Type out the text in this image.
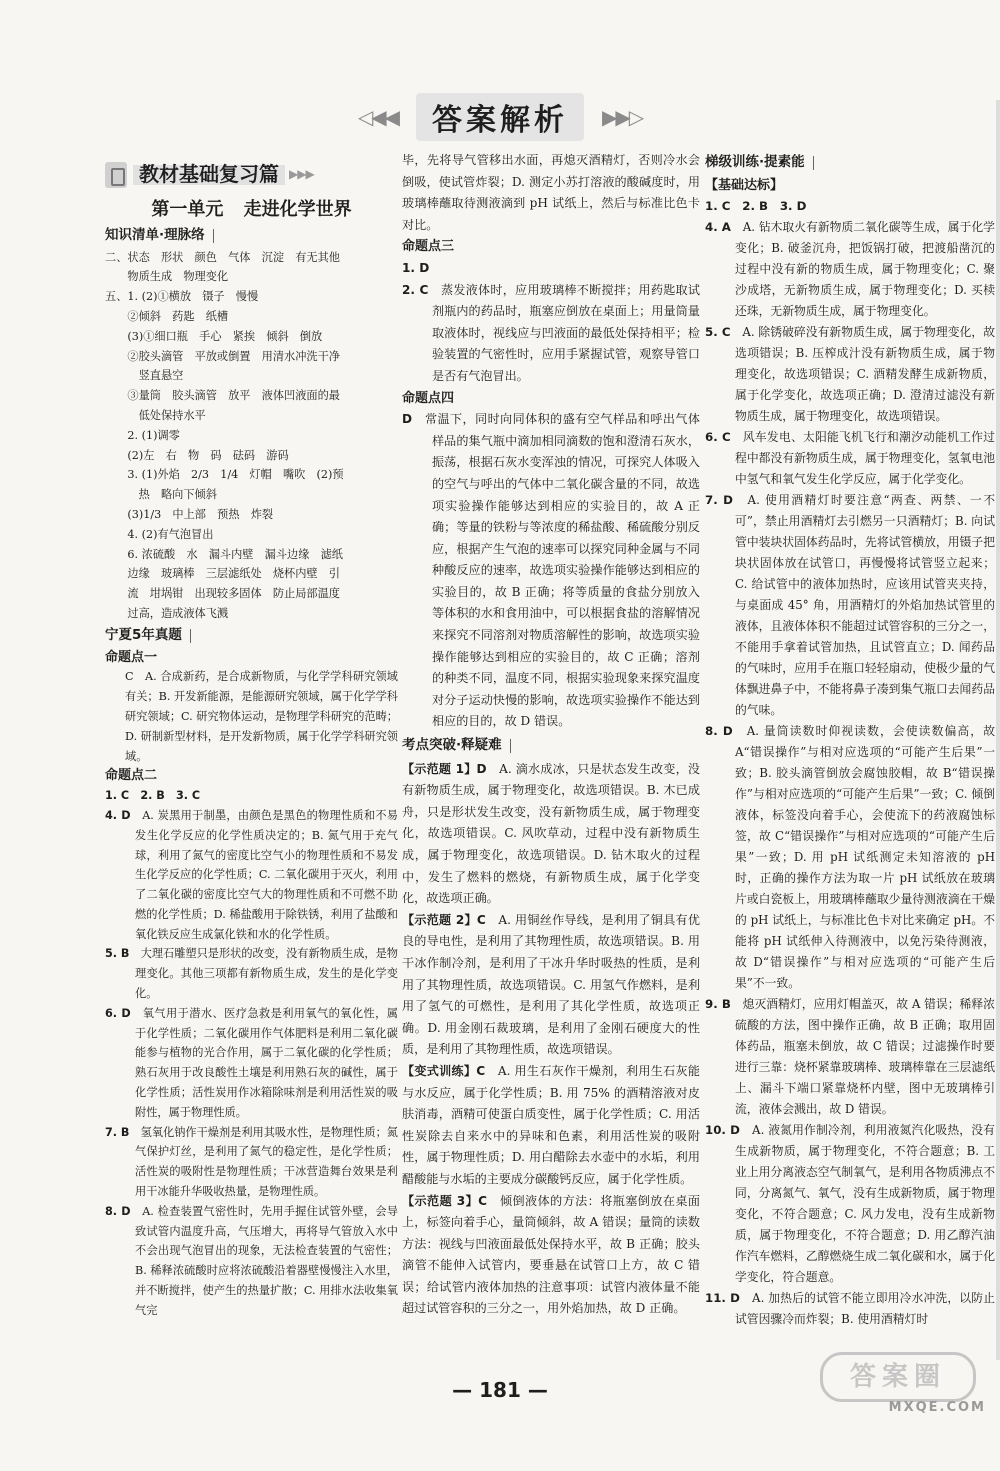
◁◀◀	答案解析	▶▶▷
教材基础复习篇 ▶▶▶
第一单元 走进化学世界
知识清单·理脉络
二、状态　形状　颜色　气体　沉淀　有无其他
　　物质生成　物理变化
五、1. (2)①横放　镊子　慢慢
　　②倾斜　药匙　纸槽
　　(3)①细口瓶　手心　紧挨　倾斜　倒放
　　②胶头滴管　平放或倒置　用清水冲洗干净
　　　竖直悬空
　　③量筒　胶头滴管　放平　液体凹液面的最
　　　低处保持水平
　　2. (1)调零
　　(2)左　右　物　码　砝码　游码
　　3. (1)外焰　2/3　1/4　灯帽　嘴吹　(2)预
　　　热　略向下倾斜
　　(3)1/3　中上部　预热　炸裂
　　4. (2)有气泡冒出
　　6. 浓硫酸　水　漏斗内壁　漏斗边缘　滤纸
　　边缘　玻璃棒　三层滤纸处　烧杯内壁　引
　　流　坩埚钳　出现较多固体　防止局部温度
　　过高，造成液体飞溅
宁夏5年真题
命题点一
C　A. 合成新药，是合成新物质，与化学学科研究领域有关；B. 开发新能源，是能源研究领域，属于化学学科研究领域；C. 研究物体运动，是物理学科研究的范畴；D. 研制新型材料，是开发新物质，属于化学学科研究领域。
命题点二
1. C　2. B　3. C
4. D　 A. 炭黑用于制墨，由颜色是黑色的物理性质和不易发生化学反应的化学性质决定的；B. 氮气用于充气球，利用了氮气的密度比空气小的物理性质和不易发生化学反应的化学性质；C. 二氧化碳用于灭火，利用了二氧化碳的密度比空气大的物理性质和不可燃不助燃的化学性质；D. 稀盐酸用于除铁锈，利用了盐酸和氧化铁反应生成氯化铁和水的化学性质。
5. B　 大理石雕塑只是形状的改变，没有新物质生成，是物理变化。其他三项都有新物质生成，发生的是化学变化。
6. D　 氧气用于潜水、医疗急救是利用氧气的氧化性，属于化学性质；二氧化碳用作气体肥料是利用二氧化碳能参与植物的光合作用，属于二氧化碳的化学性质；熟石灰用于改良酸性土壤是利用熟石灰的碱性，属于化学性质；活性炭用作冰箱除味剂是利用活性炭的吸附性，属于物理性质。
7. B　 氢氧化钠作干燥剂是利用其吸水性，是物理性质；氮气保护灯丝，是利用了氮气的稳定性，是化学性质；活性炭的吸附性是物理性质；干冰营造舞台效果是利用干冰能升华吸收热量，是物理性质。
8. D　 A. 检查装置气密性时，先用手握住试管外壁，会导致试管内温度升高，气压增大，再将导气管放入水中不会出现气泡冒出的现象，无法检查装置的气密性；B. 稀释浓硫酸时应将浓硫酸沿着器壁慢慢注入水里，并不断搅拌，使产生的热量扩散；C. 用排水法收集氧气完
毕，先将导气管移出水面，再熄灭酒精灯，否则冷水会倒吸，使试管炸裂；D. 测定小苏打溶液的酸碱度时，用玻璃棒蘸取待测液滴到 pH 试纸上，然后与标准比色卡对比。
命题点三
1. D
2. C　 蒸发液体时，应用玻璃棒不断搅拌；用药匙取试剂瓶内的药品时，瓶塞应倒放在桌面上；用量筒量取液体时，视线应与凹液面的最低处保持相平；检验装置的气密性时，应用手紧握试管，观察导管口是否有气泡冒出。
命题点四
D　 常温下，同时向同体积的盛有空气样品和呼出气体样品的集气瓶中滴加相同滴数的饱和澄清石灰水，振荡，根据石灰水变浑浊的情况，可探究人体吸入的空气与呼出的气体中二氧化碳含量的不同，故选项实验操作能够达到相应的实验目的，故 A 正确；等量的铁粉与等浓度的稀盐酸、稀硫酸分别反应，根据产生气泡的速率可以探究同种金属与不同种酸反应的速率，故选项实验操作能够达到相应的实验目的，故 B 正确；将等质量的食盐分别放入等体积的水和食用油中，可以根据食盐的溶解情况来探究不同溶剂对物质溶解性的影响，故选项实验操作能够达到相应的实验目的，故 C 正确；溶剂的种类不同，温度不同，根据实验现象来探究温度对分子运动快慢的影响，故选项实验操作不能达到相应的目的，故 D 错误。
考点突破·释疑难
【示范题 1】D　 A. 滴水成冰，只是状态发生改变，没有新物质生成，属于物理变化，故选项错误。B. 木已成舟，只是形状发生改变，没有新物质生成，属于物理变化，故选项错误。C. 风吹草动，过程中没有新物质生成，属于物理变化，故选项错误。D. 钻木取火的过程中，发生了燃料的燃烧，有新物质生成，属于化学变化，故选项正确。
【示范题 2】C　 A. 用铜丝作导线，是利用了铜具有优良的导电性，是利用了其物理性质，故选项错误。B. 用干冰作制冷剂，是利用了干冰升华时吸热的性质，是利用了其物理性质，故选项错误。C. 用氢气作燃料，是利用了氢气的可燃性，是利用了其化学性质，故选项正确。D. 用金刚石裁玻璃，是利用了金刚石硬度大的性质，是利用了其物理性质，故选项错误。
【变式训练】C　 A. 用生石灰作干燥剂，利用生石灰能与水反应，属于化学性质；B. 用 75% 的酒精溶液对皮肤消毒，酒精可使蛋白质变性，属于化学性质；C. 用活性炭除去自来水中的异味和色素，利用活性炭的吸附性，属于物理性质；D. 用白醋除去水壶中的水垢，利用醋酸能与水垢的主要成分碳酸钙反应，属于化学性质。
【示范题 3】C　 倾倒液体的方法：将瓶塞倒放在桌面上，标签向着手心，量筒倾斜，故 A 错误；量筒的读数方法：视线与凹液面最低处保持水平，故 B 正确；胶头滴管不能伸入试管内，要垂悬在试管口上方，故 C 错误；给试管内液体加热的注意事项：试管内液体量不能超过试管容积的三分之一，用外焰加热，故 D 正确。
梯级训练·提素能
【基础达标】
1. C　2. B　3. D
4. A　 A. 钻木取火有新物质二氧化碳等生成，属于化学变化；B. 破釜沉舟，把饭锅打破，把渡船凿沉的过程中没有新的物质生成，属于物理变化；C. 聚沙成塔，无新物质生成，属于物理变化；D. 买椟还珠，无新物质生成，属于物理变化。
5. C　 A. 除锈破碎没有新物质生成，属于物理变化，故选项错误；B. 压榨成汁没有新物质生成，属于物理变化，故选项错误；C. 酒精发酵生成新物质，属于化学变化，故选项正确；D. 澄清过滤没有新物质生成，属于物理变化，故选项错误。
6. C　 风车发电、太阳能飞机飞行和潮汐动能机工作过程中都没有新物质生成，属于物理变化，氢氧电池中氢气和氧气发生化学反应，属于化学变化。
7. D　 A. 使用酒精灯时要注意“两查、两禁、一不可”，禁止用酒精灯去引燃另一只酒精灯；B. 向试管中装块状固体药品时，先将试管横放，用镊子把块状固体放在试管口，再慢慢将试管竖立起来；C. 给试管中的液体加热时，应该用试管夹夹持，与桌面成 45° 角，用酒精灯的外焰加热试管里的液体，且液体体积不能超过试管容积的三分之一，不能用手拿着试管加热，且试管直立；D. 闻药品的气味时，应用手在瓶口轻轻扇动，使极少量的气体飘进鼻子中，不能将鼻子凑到集气瓶口去闻药品的气味。
8. D　 A. 量筒读数时仰视读数，会使读数偏高，故 A“错误操作”与相对应选项的“可能产生后果”一致；B. 胶头滴管倒放会腐蚀胶帽，故 B“错误操作”与相对应选项的“可能产生后果”一致；C. 倾倒液体，标签没向着手心，会使流下的药液腐蚀标签，故 C“错误操作”与相对应选项的“可能产生后果”一致；D. 用 pH 试纸测定未知溶液的 pH 时，正确的操作方法为取一片 pH 试纸放在玻璃片或白瓷板上，用玻璃棒蘸取少量待测液滴在干燥的 pH 试纸上，与标准比色卡对比来确定 pH。不能将 pH 试纸伸入待测液中，以免污染待测液，故 D“错误操作”与相对应选项的“可能产生后果”不一致。
9. B　 熄灭酒精灯，应用灯帽盖灭，故 A 错误；稀释浓硫酸的方法，图中操作正确，故 B 正确；取用固体药品，瓶塞未倒放，故 C 错误；过滤操作时要进行三靠：烧杯紧靠玻璃棒、玻璃棒靠在三层滤纸上、漏斗下端口紧靠烧杯内壁，图中无玻璃棒引流，液体会溅出，故 D 错误。
10. D　 A. 液氮用作制冷剂，利用液氮汽化吸热，没有生成新物质，属于物理变化，不符合题意；B. 工业上用分离液态空气制氧气，是利用各物质沸点不同，分离氮气、氧气，没有生成新物质，属于物理变化，不符合题意；C. 风力发电，没有生成新物质，属于物理变化，不符合题意；D. 用乙醇汽油作汽车燃料，乙醇燃烧生成二氧化碳和水，属于化学变化，符合题意。
11. D　 A. 加热后的试管不能立即用冷水冲洗，以防止试管因骤冷而炸裂；B. 使用酒精灯时
— 181 —	答案圈
MXQE.COM
